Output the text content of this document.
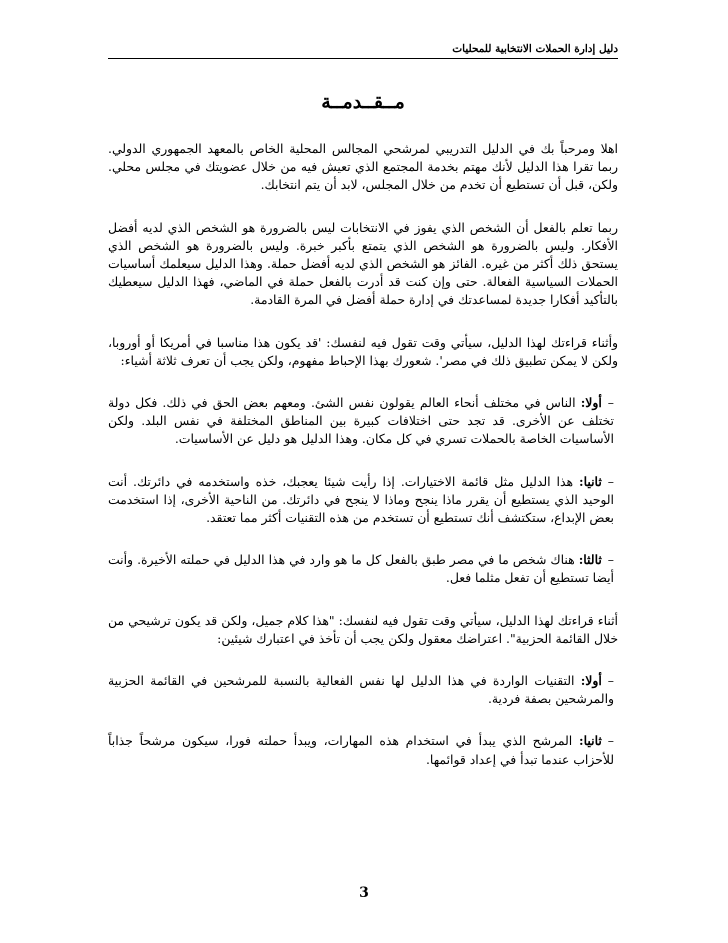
دليل إدارة الحملات الانتخابية للمحليات
مــقــدمــة

اهلا ومرحباً بك في الدليل التدريبي لمرشحي المجالس المحلية الخاص بالمعهد الجمهوري الدولي. ربما تقرا هذا الدليل لأنك مهتم بخدمة المجتمع الذي تعيش فيه من خلال عضويتك في مجلس محلي. ولكن، قبل أن تستطيع أن تخدم من خلال المجلس، لابد أن يتم انتخابك.

ربما تعلم بالفعل أن الشخص الذي يفوز في الانتخابات ليس بالضرورة هو الشخص الذي لديه أفضل الأفكار. وليس بالضرورة هو الشخص الذي يتمتع بأكبر خبرة. وليس بالضرورة هو الشخص الذي يستحق ذلك أكثر من غيره. الفائز هو الشخص الذي لديه أفضل حملة. وهذا الدليل سيعلمك أساسيات الحملات السياسية الفعالة. حتى وإن كنت قد أدرت بالفعل حملة في الماضي، فهذا الدليل سيعطيك بالتأكيد أفكارا جديدة لمساعدتك في إدارة حملة أفضل في المرة القادمة.

وأثناء قراءتك لهذا الدليل، سيأتي وقت تقول فيه لنفسك: 'قد يكون هذا مناسبا في أمريكا أو أوروبا، ولكن لا يمكن تطبيق ذلك في مصر'. شعورك بهذا الإحباط مفهوم، ولكن يجب أن تعرف ثلاثة أشياء:

–أولا: الناس في مختلف أنحاء العالم يقولون نفس الشئ. ومعهم بعض الحق في ذلك. فكل دولة تختلف عن الأخرى. قد تجد حتى اختلافات كبيرة بين المناطق المختلفة في نفس البلد. ولكن الأساسيات الخاصة بالحملات تسري في كل مكان. وهذا الدليل هو دليل عن الأساسيات.
–ثانيا: هذا الدليل مثل قائمة الاختيارات. إذا رأيت شيئا يعجبك، خذه واستخدمه في دائرتك. أنت الوحيد الذي يستطيع أن يقرر ماذا ينجح وماذا لا ينجح في دائرتك. من الناحية الأخرى، إذا استخدمت بعض الإبداع، ستكتشف أنك تستطيع أن تستخدم من هذه التقنيات أكثر مما تعتقد.
–ثالثا: هناك شخص ما في مصر طبق بالفعل كل ما هو وارد في هذا الدليل في حملته الأخيرة. وأنت أيضا تستطيع أن تفعل مثلما فعل.

أثناء قراءتك لهذا الدليل، سيأتي وقت تقول فيه لنفسك: "هذا كلام جميل، ولكن قد يكون ترشيحي من خلال القائمة الحزبية". اعتراضك معقول ولكن يجب أن تأخذ في اعتبارك شيئين:

–أولا: التقنيات الواردة في هذا الدليل لها نفس الفعالية بالنسبة للمرشحين في القائمة الحزبية والمرشحين بصفة فردية.
–ثانيا: المرشح الذي يبدأ في استخدام هذه المهارات، ويبدأ حملته فورا، سيكون مرشحاً جذاباً للأحزاب عندما تبدأ في إعداد قوائمها.
3
